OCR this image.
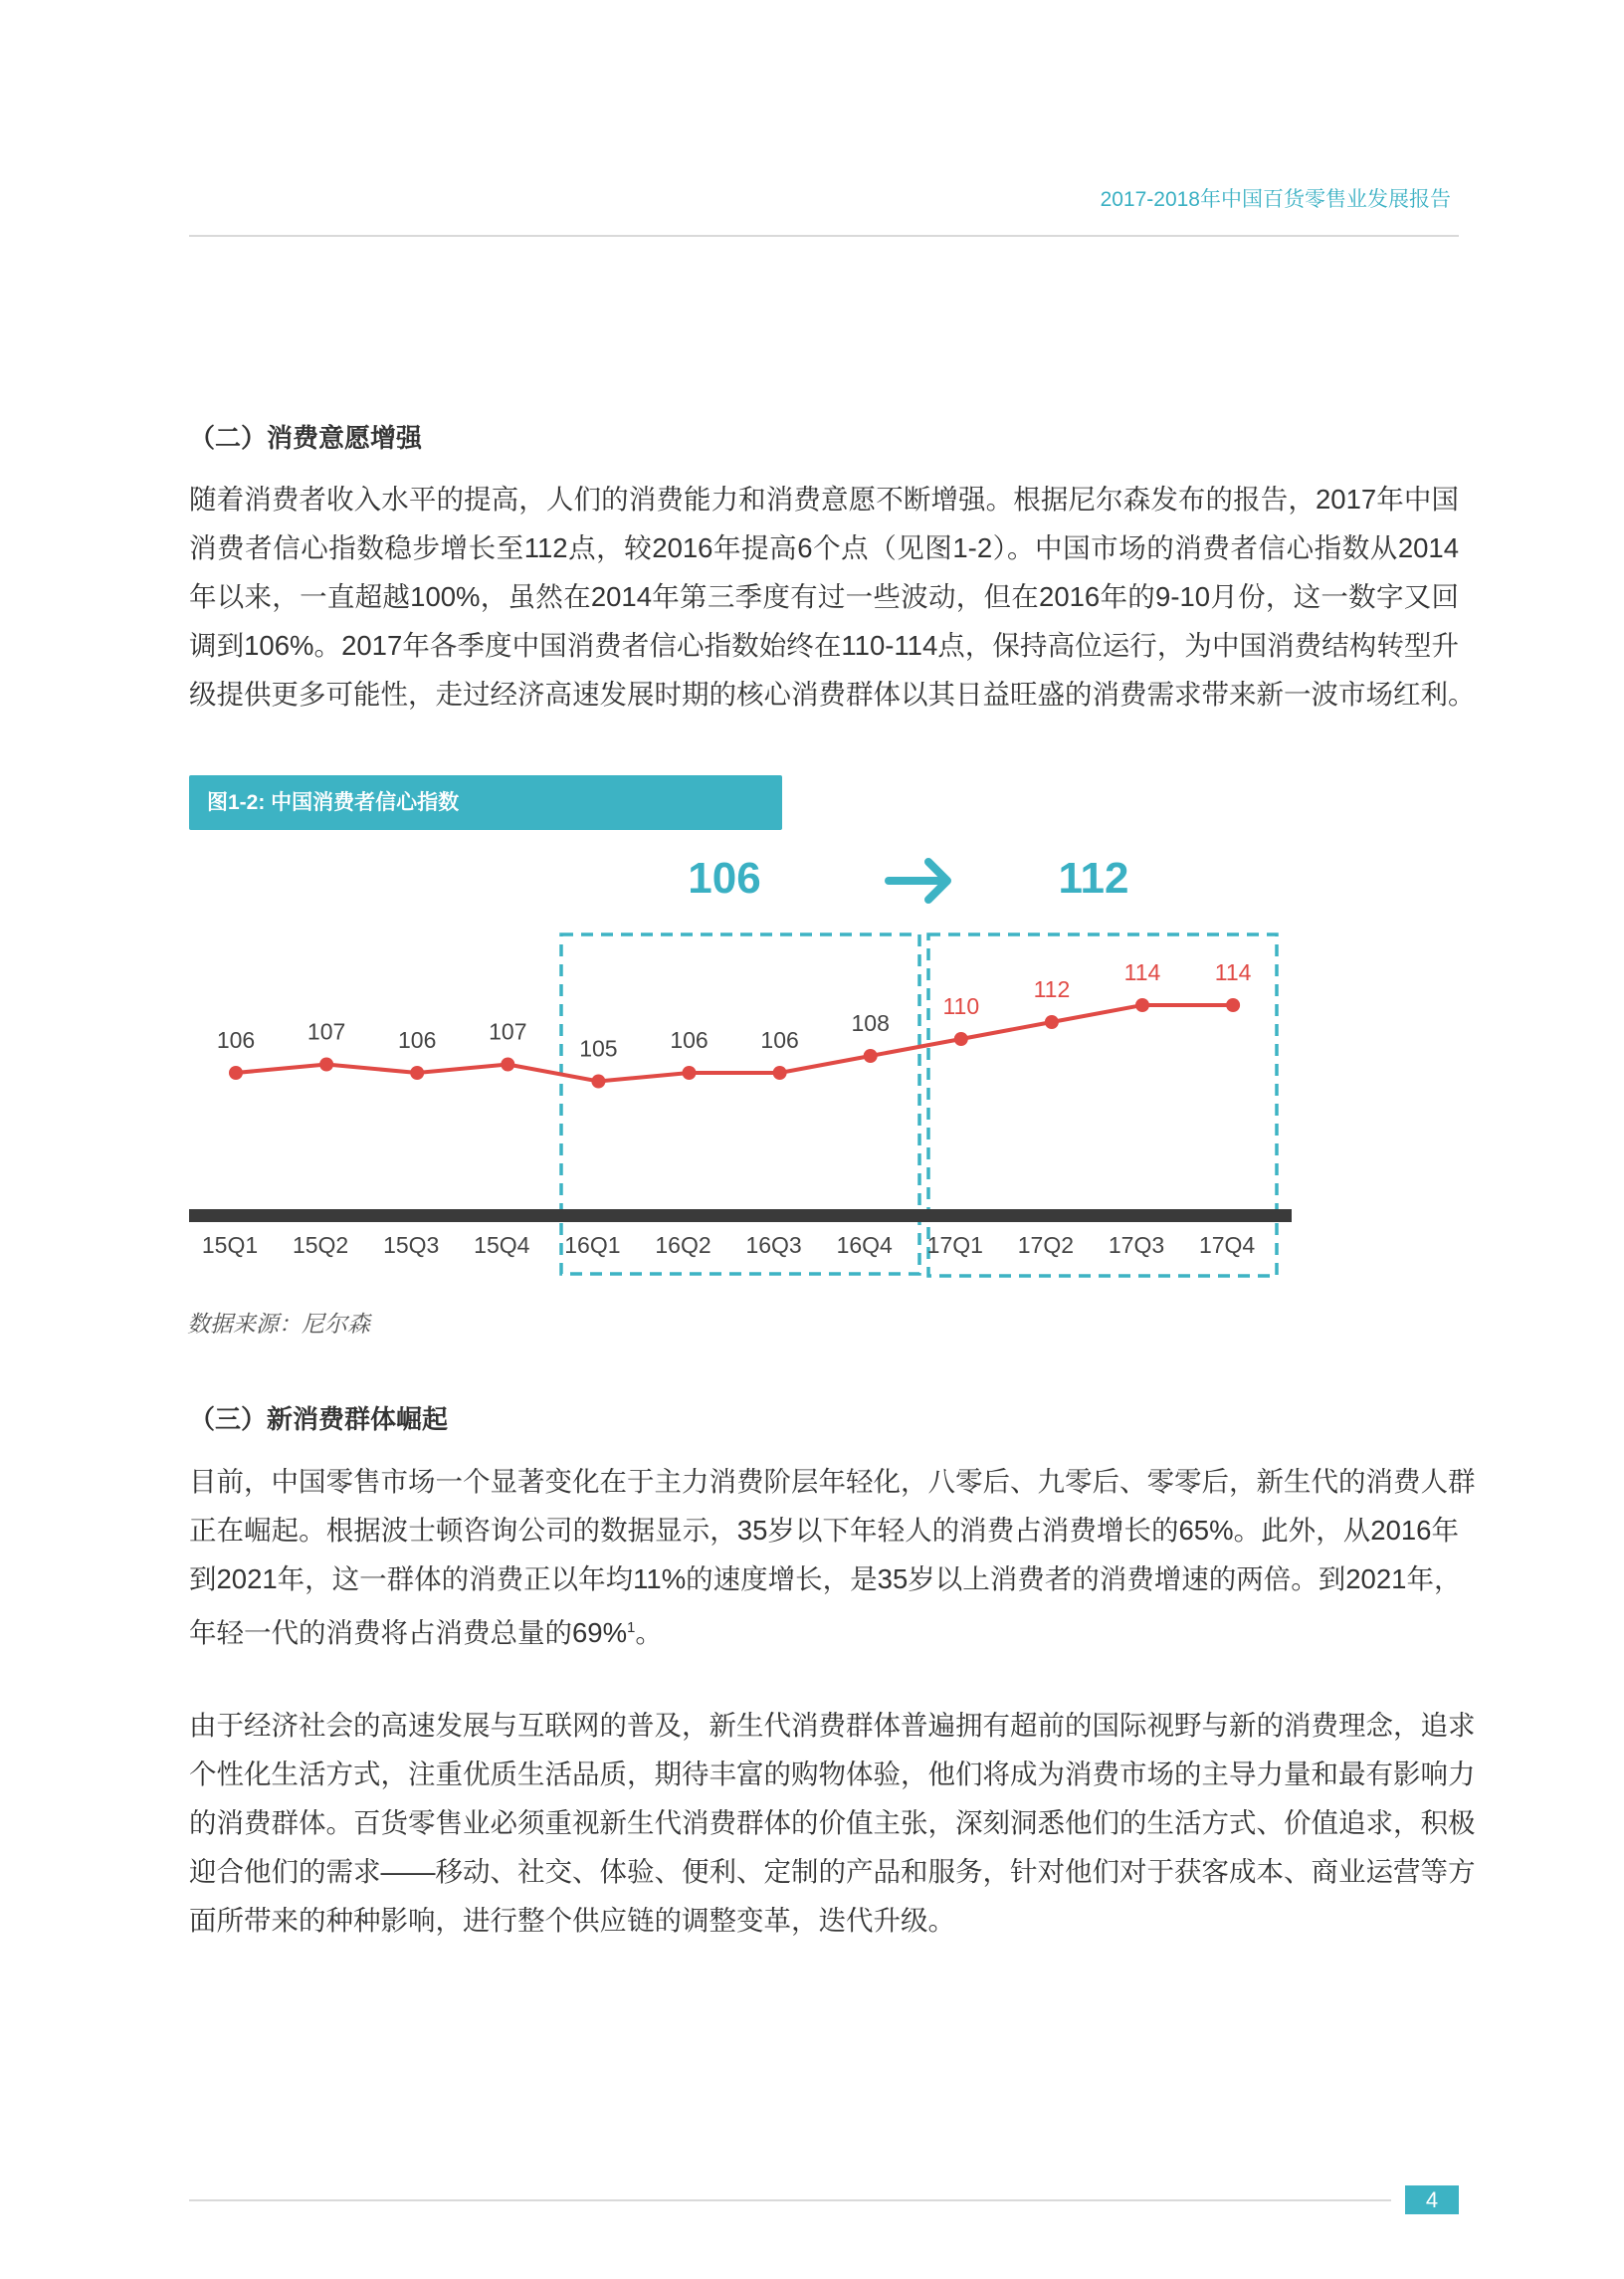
2017-2018年中国百货零售业发展报告
（二）消费意愿增强
随着消费者收入水平的提高，人们的消费能力和消费意愿不断增强。根据尼尔森发布的报告，2017年中国
消费者信心指数稳步增长至112点，较2016年提高6个点（见图1-2）。中国市场的消费者信心指数从2014
年以来，一直超越100%，虽然在2014年第三季度有过一些波动，但在2016年的9-10月份，这一数字又回
调到106%。2017年各季度中国消费者信心指数始终在110-114点，保持高位运行，为中国消费结构转型升
级提供更多可能性，走过经济高速发展时期的核心消费群体以其日益旺盛的消费需求带来新一波市场红利。
图1-2: 中国消费者信心指数
106	112
106
15Q1
107
15Q2
106
15Q3
107
15Q4
105
16Q1
106
16Q2
106
16Q3
108
16Q4
110
17Q1
112
17Q2
114
17Q3
114
17Q4
数据来源：尼尔森
（三）新消费群体崛起
目前，中国零售市场一个显著变化在于主力消费阶层年轻化，八零后、九零后、零零后，新生代的消费人群
正在崛起。根据波士顿咨询公司的数据显示，35岁以下年轻人的消费占消费增长的65%。此外，从2016年
到2021年，这一群体的消费正以年均11%的速度增长，是35岁以上消费者的消费增速的两倍。到2021年，
年轻一代的消费将占消费总量的69%$^1$。
由于经济社会的高速发展与互联网的普及，新生代消费群体普遍拥有超前的国际视野与新的消费理念，追求
个性化生活方式，注重优质生活品质，期待丰富的购物体验，他们将成为消费市场的主导力量和最有影响力
的消费群体。百货零售业必须重视新生代消费群体的价值主张，深刻洞悉他们的生活方式、价值追求，积极
迎合他们的需求——移动、社交、体验、便利、定制的产品和服务，针对他们对于获客成本、商业运营等方
面所带来的种种影响，进行整个供应链的调整变革，迭代升级。
4
